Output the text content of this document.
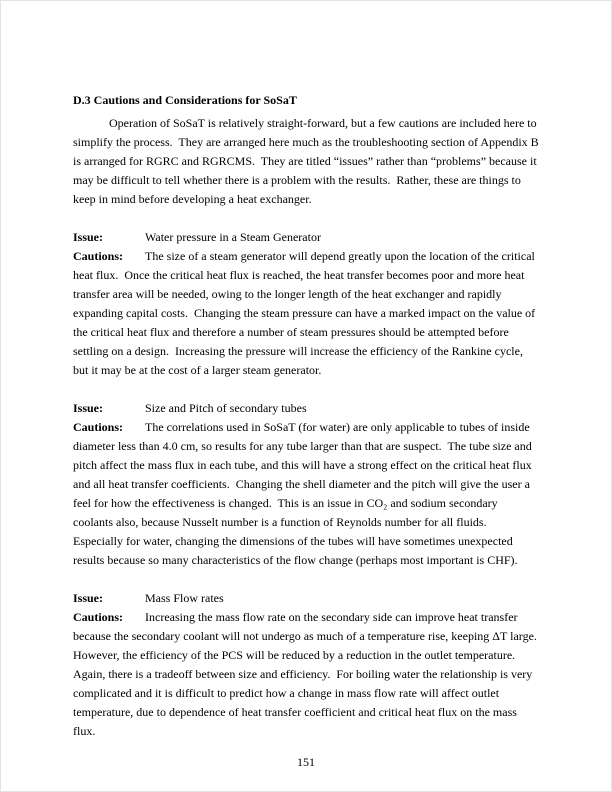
D.3 Cautions and Considerations for SoSaT

Operation of SoSaT is relatively straight-forward, but a few cautions are included here to simplify the process.  They are arranged here much as the troubleshooting section of Appendix B is arranged for RGRC and RGRCMS.  They are titled “issues” rather than “problems” because it may be difficult to tell whether there is a problem with the results.  Rather, these are things to keep in mind before developing a heat exchanger.

Issue:	Water pressure in a Steam Generator

Cautions: The size of a steam generator will depend greatly upon the location of the critical heat flux.  Once the critical heat flux is reached, the heat transfer becomes poor and more heat transfer area will be needed, owing to the longer length of the heat exchanger and rapidly expanding capital costs.  Changing the steam pressure can have a marked impact on the value of the critical heat flux and therefore a number of steam pressures should be attempted before settling on a design.  Increasing the pressure will increase the efficiency of the Rankine cycle, but it may be at the cost of a larger steam generator.

Issue:	Size and Pitch of secondary tubes

Cautions: The correlations used in SoSaT (for water) are only applicable to tubes of inside diameter less than 4.0 cm, so results for any tube larger than that are suspect.  The tube size and pitch affect the mass flux in each tube, and this will have a strong effect on the critical heat flux and all heat transfer coefficients.  Changing the shell diameter and the pitch will give the user a feel for how the effectiveness is changed.  This is an issue in CO₂ and sodium secondary coolants also, because Nusselt number is a function of Reynolds number for all fluids.  Especially for water, changing the dimensions of the tubes will have sometimes unexpected results because so many characteristics of the flow change (perhaps most important is CHF).

Issue:	Mass Flow rates

Cautions: Increasing the mass flow rate on the secondary side can improve heat transfer because the secondary coolant will not undergo as much of a temperature rise, keeping ΔT large.  However, the efficiency of the PCS will be reduced by a reduction in the outlet temperature.  Again, there is a tradeoff between size and efficiency.  For boiling water the relationship is very complicated and it is difficult to predict how a change in mass flow rate will affect outlet temperature, due to dependence of heat transfer coefficient and critical heat flux on the mass flux.

151
